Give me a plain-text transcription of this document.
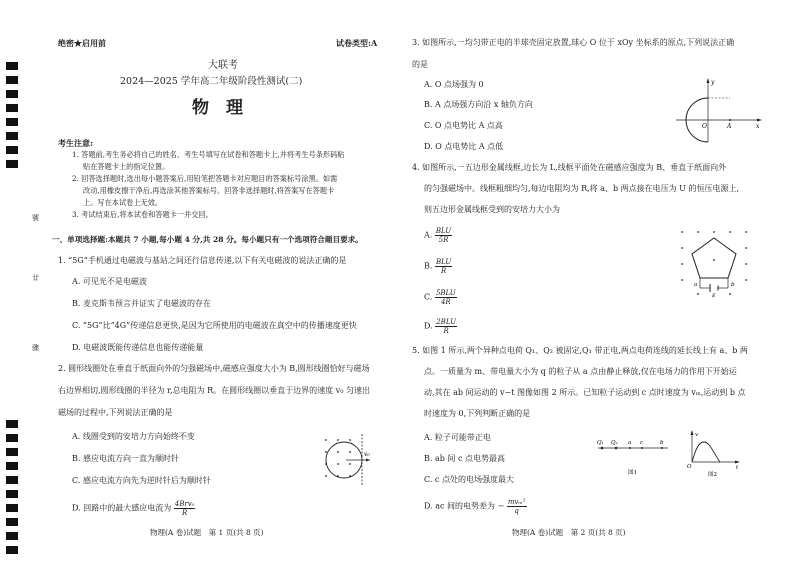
號
廿
骤
绝密★启用前	试卷类型:A
大联考
2024—2025 学年高二年级阶段性测试(二)
物　理
考生注意:
1. 答题前,考生务必将自己的姓名、考生号填写在试卷和答题卡上,并将考生号条形码粘
贴在答题卡上的指定位置。
2. 回答选择题时,选出每小题答案后,用铅笔把答题卡对应题目的答案标号涂黑。如需
改动,用橡皮擦干净后,再选涂其他答案标号。回答非选择题时,将答案写在答题卡
上。写在本试卷上无效。
3. 考试结束后,将本试卷和答题卡一并交回。
一、单项选择题:本题共 7 小题,每小题 4 分,共 28 分。每小题只有一个选项符合题目要求。
1. “5G”手机通过电磁波与基站之间还行信息传递,以下有关电磁波的说法正确的是
A. 可见光不是电磁波
B. 麦克斯韦预言并证实了电磁波的存在
C. “5G”比“4G”传递信息更快,是因为它所使用的电磁波在真空中的传播速度更快
D. 电磁波既能传递信息也能传递能量
2. 圆形线圈处在垂直于纸面向外的匀强磁场中,磁感应强度大小为 B,圆形线圈恰好与磁场
右边界相切,圆形线圈的半径为 r,总电阻为 R。在圆形线圈以垂直于边界的速度 v₀ 匀速出
磁场的过程中,下列说法正确的是
A. 线圈受到的安培力方向始终不变
B. 感应电流方向一直为顺时针
C. 感应电流方向先为逆时针后为顺时针
D. 回路中的最大感应电流为 $\frac{\text{4Brv₀}}{R}$
v₀
物理(A 卷)试题　第 1 页(共 8 页)
3. 如图所示,一均匀带正电的半球壳固定放置,球心 O 位于 xOy 坐标系的原点,下列说法正确
的是
A. O 点场强为 0
B. A 点场强方向沿 x 轴负方向
C. O 点电势比 A 点高
D. O 点电势比 A 点低
y
O	A	x
4. 如图所示,一五边形金属线框,边长为 L,线框平面处在磁感应强度为 B、垂直于纸面向外
的匀强磁场中。线框粗细均匀,每边电阻均为 R,将 a、b 两点接在电压为 U 的恒压电源上,
则五边形金属线框受到的安培力大小为
A. $\frac{\text{BLU}}{5R}$
B. $\frac{\text{BLU}}{R}$
C. $\frac{\text{5BLU}}{4R}$
D. $\frac{\text{2BLU}}{R}$
a	b
E
5. 如图 1 所示,两个异种点电荷 Q₁、Q₂ 被固定,Q₁ 带正电,两点电荷连线的延长线上有 a、b 两
点。一质量为 m、带电量大小为 q 的粒子从 a 点由静止释放,仅在电场力的作用下开始运
动,其在 ab 间运动的 v−t 图像如图 2 所示。已知粒子运动到 c 点时速度为 vₘ,运动到 b 点
时速度为 0,下列判断正确的是
A. 粒子可能带正电
B. ab 间 c 点电势最高
C. c 点处的电场强度最大
D. ac 间的电势差为 − $\frac{\text{mvₘ²}}{q}$
Q₁ Q₂ a c	b
图1
v
O	t
图2
物理(A 卷)试题　第 2 页(共 8 页)
